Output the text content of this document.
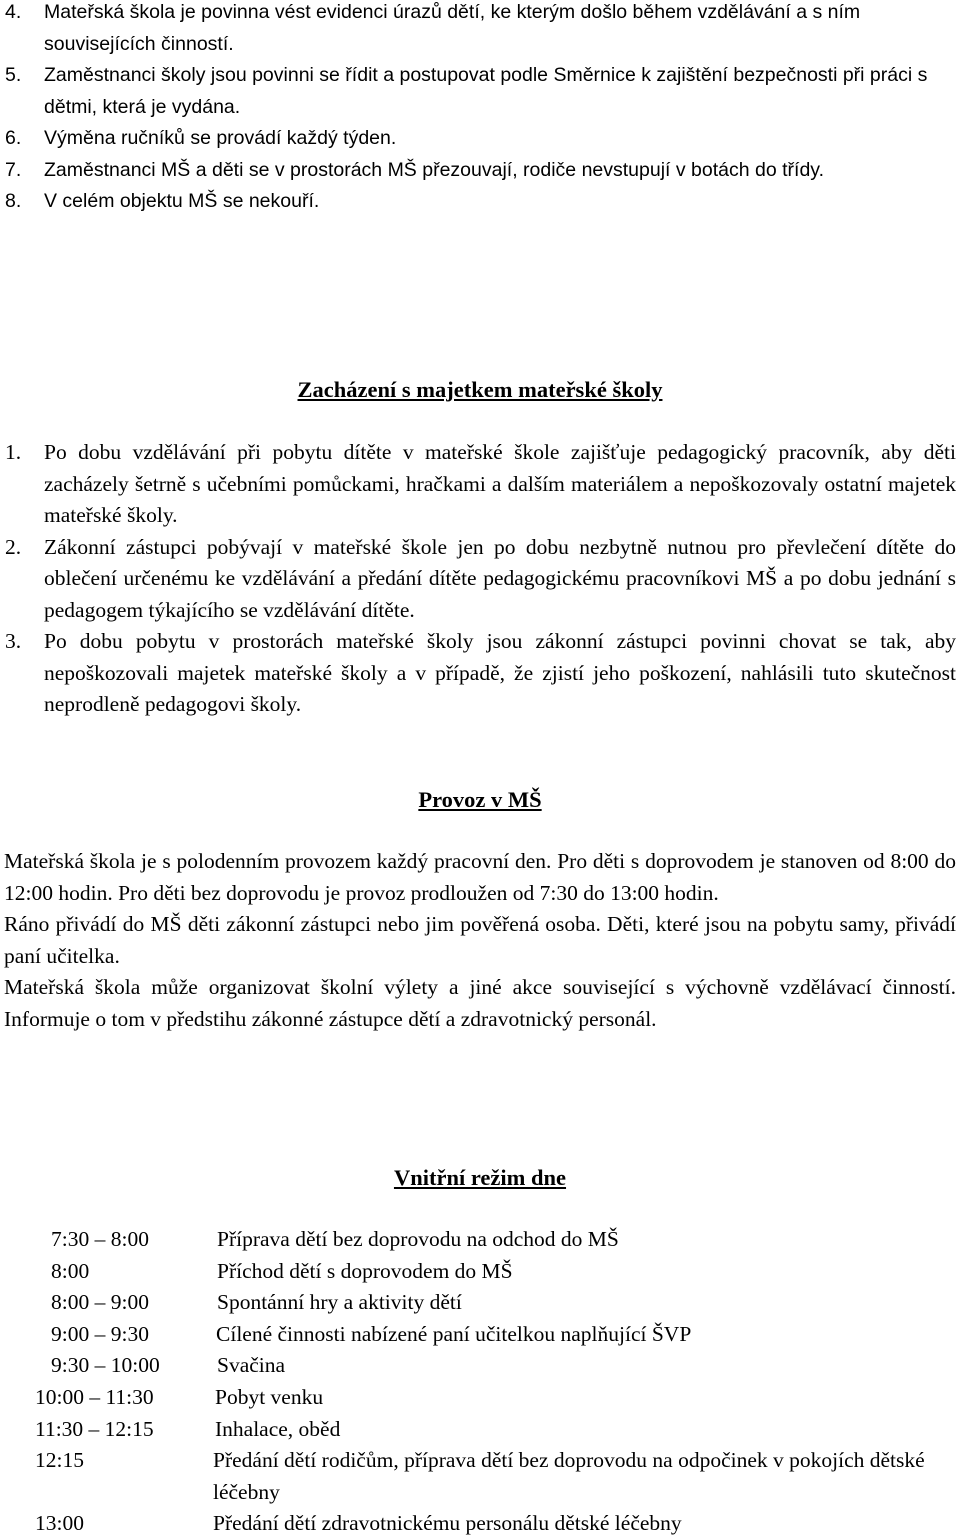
4.	Mateřská škola je povinna vést evidenci úrazů dětí, ke kterým došlo během vzdělávání a s ním souvisejících činností.
5.	Zaměstnanci školy jsou povinni se řídit a postupovat podle Směrnice k zajištění bezpečnosti při práci s dětmi, která je vydána.
6.	Výměna ručníků se provádí každý týden.
7.	Zaměstnanci MŠ a děti se v prostorách MŠ přezouvají, rodiče nevstupují v botách do třídy.
8.	V celém objektu MŠ se nekouří.
Zacházení s majetkem mateřské školy
1.	Po dobu vzdělávání při pobytu dítěte v mateřské škole zajišťuje pedagogický pracovník, aby děti zacházely šetrně s učebními pomůckami, hračkami a dalším materiálem a nepoškozovaly ostatní majetek mateřské školy.
2.	Zákonní zástupci pobývají v mateřské škole jen po dobu nezbytně nutnou pro převlečení dítěte do oblečení určenému ke vzdělávání a předání dítěte pedagogickému pracovníkovi MŠ a po dobu jednání s pedagogem týkajícího se vzdělávání dítěte.
3.	Po dobu pobytu v prostorách mateřské školy jsou zákonní zástupci povinni chovat se tak, aby nepoškozovali majetek mateřské školy a v případě, že zjistí jeho poškození, nahlásili tuto skutečnost neprodleně pedagogovi školy.
Provoz v MŠ

Mateřská škola je s polodenním provozem každý pracovní den. Pro děti s doprovodem je stanoven od 8:00 do 12:00 hodin. Pro děti bez doprovodu je provoz prodloužen od 7:30 do 13:00 hodin.

Ráno přivádí do MŠ děti zákonní zástupci nebo jim pověřená osoba. Děti, které jsou na pobytu samy, přivádí paní učitelka.

Mateřská škola může organizovat školní výlety a jiné akce související s výchovně vzdělávací činností. Informuje o tom v předstihu zákonné zástupce dětí a zdravotnický personál.

Vnitřní režim dne
7:30 – 8:00	Příprava dětí bez doprovodu na odchod do MŠ
8:00	Příchod dětí s doprovodem do MŠ
8:00 – 9:00	Spontánní hry a aktivity dětí
9:00 – 9:30	Cílené činnosti nabízené paní učitelkou naplňující ŠVP
9:30 – 10:00	Svačina
10:00 – 11:30	Pobyt venku
11:30 – 12:15	Inhalace, oběd
12:15	Předání dětí rodičům, příprava dětí bez doprovodu na odpočinek v pokojích dětské léčebny
13:00	Předání dětí zdravotnickému personálu dětské léčebny
